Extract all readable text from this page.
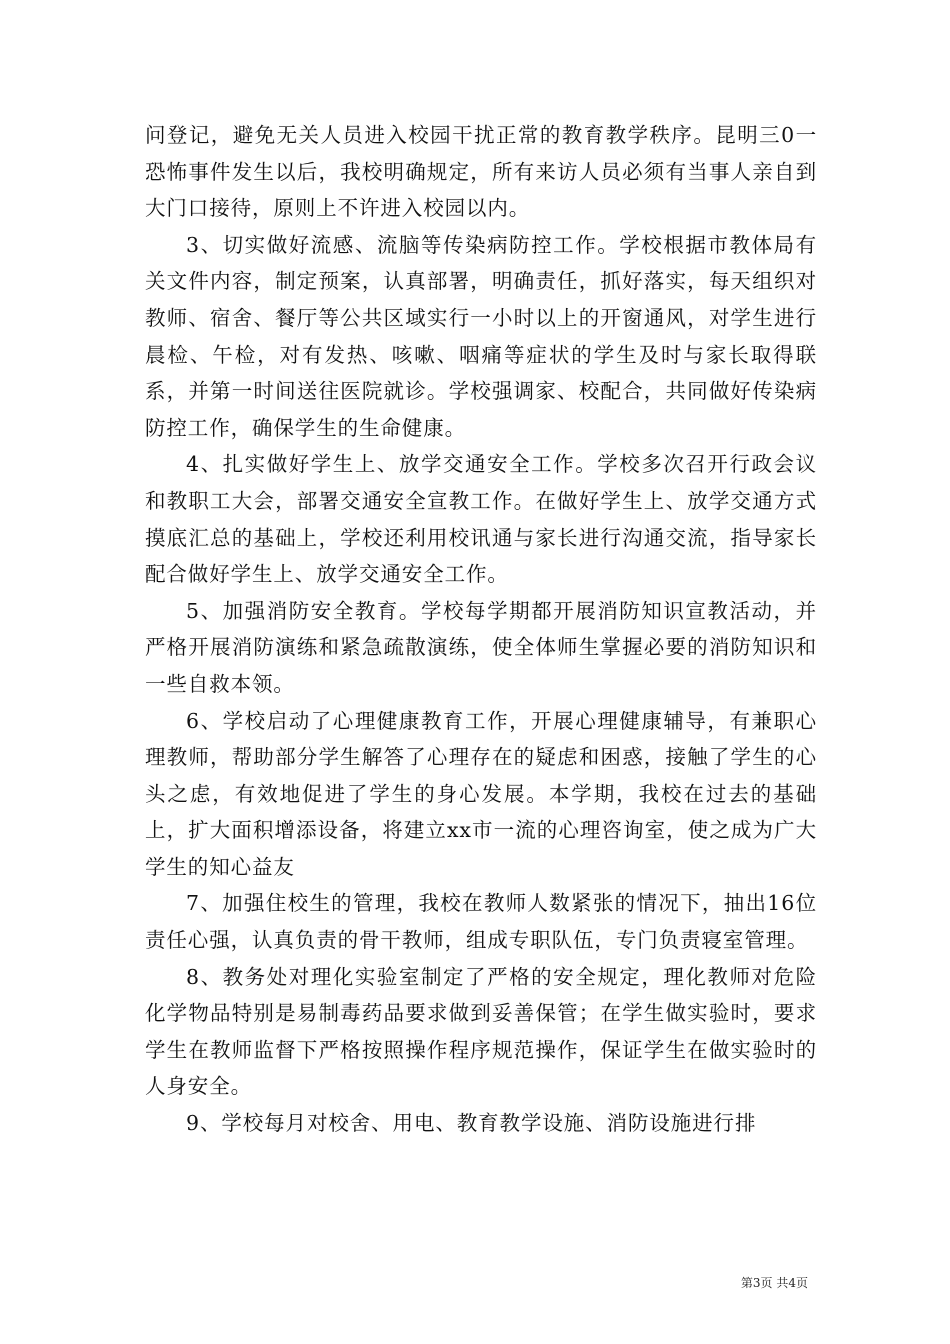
问登记，避免无关人员进入校园干扰正常的教育教学秩序。昆明三0一恐怖事件发生以后，我校明确规定，所有来访人员必须有当事人亲自到大门口接待，原则上不许进入校园以内。

3、切实做好流感、流脑等传染病防控工作。学校根据市教体局有关文件内容，制定预案，认真部署，明确责任，抓好落实，每天组织对教师、宿舍、餐厅等公共区域实行一小时以上的开窗通风，对学生进行晨检、午检，对有发热、咳嗽、咽痛等症状的学生及时与家长取得联系，并第一时间送往医院就诊。学校强调家、校配合，共同做好传染病防控工作，确保学生的生命健康。

4、扎实做好学生上、放学交通安全工作。学校多次召开行政会议和教职工大会，部署交通安全宣教工作。在做好学生上、放学交通方式摸底汇总的基础上，学校还利用校讯通与家长进行沟通交流，指导家长配合做好学生上、放学交通安全工作。

5、加强消防安全教育。学校每学期都开展消防知识宣教活动，并严格开展消防演练和紧急疏散演练，使全体师生掌握必要的消防知识和一些自救本领。

6、学校启动了心理健康教育工作，开展心理健康辅导，有兼职心理教师，帮助部分学生解答了心理存在的疑虑和困惑，接触了学生的心头之虑，有效地促进了学生的身心发展。本学期，我校在过去的基础上，扩大面积增添设备，将建立xx市一流的心理咨询室，使之成为广大学生的知心益友

7、加强住校生的管理，我校在教师人数紧张的情况下，抽出16位责任心强，认真负责的骨干教师，组成专职队伍，专门负责寝室管理。

8、教务处对理化实验室制定了严格的安全规定，理化教师对危险化学物品特别是易制毒药品要求做到妥善保管；在学生做实验时，要求学生在教师监督下严格按照操作程序规范操作，保证学生在做实验时的人身安全。

9、学校每月对校舍、用电、教育教学设施、消防设施进行排

第3页 共4页
